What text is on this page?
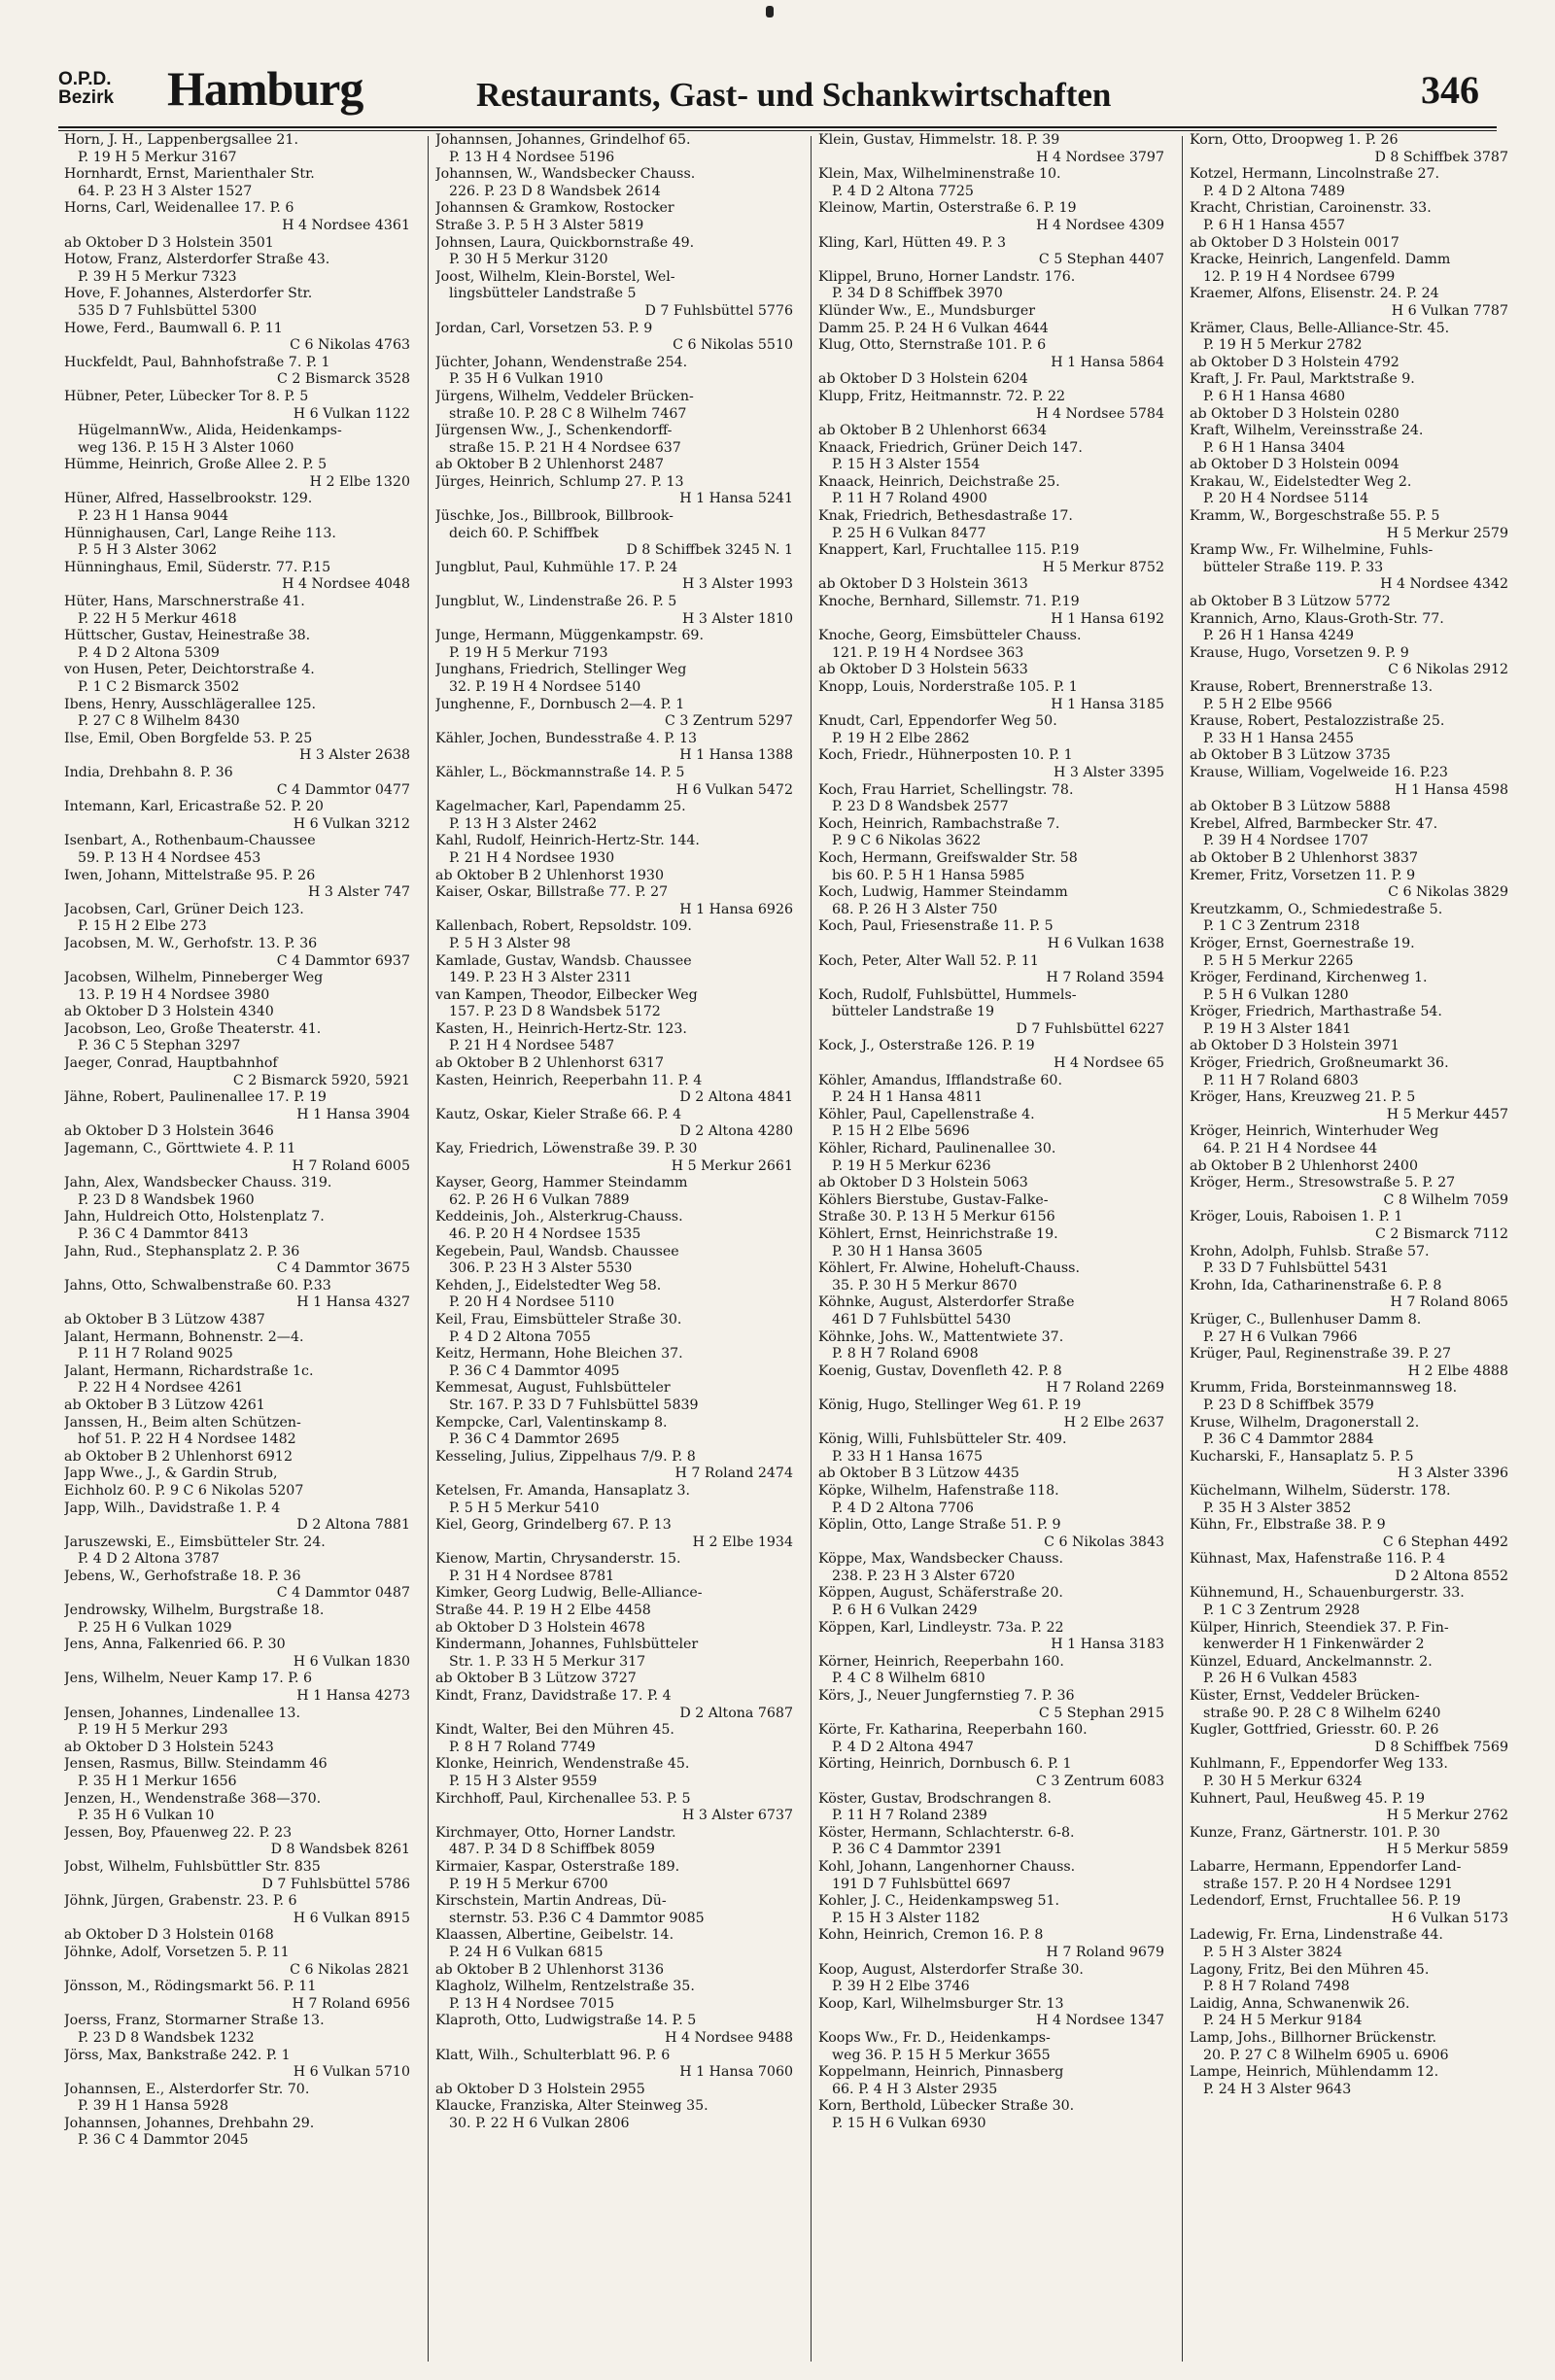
O.P.D.
Bezirk Hamburg	Restaurants, Gast- und Schankwirtschaften	346
Horn, J. H., Lappenbergsallee 21.
P. 19 H 5 Merkur 3167
Hornhardt, Ernst, Marienthaler Str.
64. P. 23 H 3 Alster 1527
Horns, Carl, Weidenallee 17. P. 6
H 4 Nordsee 4361
ab Oktober D 3 Holstein 3501
Hotow, Franz, Alsterdorfer Straße 43.
P. 39 H 5 Merkur 7323
Hove, F. Johannes, Alsterdorfer Str.
535 D 7 Fuhlsbüttel 5300
Howe, Ferd., Baumwall 6. P. 11
C 6 Nikolas 4763
Huckfeldt, Paul, Bahnhofstraße 7. P. 1
C 2 Bismarck 3528
Hübner, Peter, Lübecker Tor 8. P. 5
H 6 Vulkan 1122
HügelmannWw., Alida, Heidenkamps-
weg 136. P. 15 H 3 Alster 1060
Hümme, Heinrich, Große Allee 2. P. 5
H 2 Elbe 1320
Hüner, Alfred, Hasselbrookstr. 129.
P. 23 H 1 Hansa 9044
Hünnighausen, Carl, Lange Reihe 113.
P. 5 H 3 Alster 3062
Hünninghaus, Emil, Süderstr. 77. P.15
H 4 Nordsee 4048
Hüter, Hans, Marschnerstraße 41.
P. 22 H 5 Merkur 4618
Hüttscher, Gustav, Heinestraße 38.
P. 4 D 2 Altona 5309
von Husen, Peter, Deichtorstraße 4.
P. 1 C 2 Bismarck 3502
Ibens, Henry, Ausschlägerallee 125.
P. 27 C 8 Wilhelm 8430
Ilse, Emil, Oben Borgfelde 53. P. 25
H 3 Alster 2638
India, Drehbahn 8. P. 36
C 4 Dammtor 0477
Intemann, Karl, Ericastraße 52. P. 20
H 6 Vulkan 3212
Isenbart, A., Rothenbaum-Chaussee
59. P. 13 H 4 Nordsee 453
Iwen, Johann, Mittelstraße 95. P. 26
H 3 Alster 747
Jacobsen, Carl, Grüner Deich 123.
P. 15 H 2 Elbe 273
Jacobsen, M. W., Gerhofstr. 13. P. 36
C 4 Dammtor 6937
Jacobsen, Wilhelm, Pinneberger Weg
13. P. 19 H 4 Nordsee 3980
ab Oktober D 3 Holstein 4340
Jacobson, Leo, Große Theaterstr. 41.
P. 36 C 5 Stephan 3297
Jaeger, Conrad, Hauptbahnhof
C 2 Bismarck 5920, 5921
Jähne, Robert, Paulinenallee 17. P. 19
H 1 Hansa 3904
ab Oktober D 3 Holstein 3646
Jagemann, C., Görttwiete 4. P. 11
H 7 Roland 6005
Jahn, Alex, Wandsbecker Chauss. 319.
P. 23 D 8 Wandsbek 1960
Jahn, Huldreich Otto, Holstenplatz 7.
P. 36 C 4 Dammtor 8413
Jahn, Rud., Stephansplatz 2. P. 36
C 4 Dammtor 3675
Jahns, Otto, Schwalbenstraße 60. P.33
H 1 Hansa 4327
ab Oktober B 3 Lützow 4387
Jalant, Hermann, Bohnenstr. 2—4.
P. 11 H 7 Roland 9025
Jalant, Hermann, Richardstraße 1c.
P. 22 H 4 Nordsee 4261
ab Oktober B 3 Lützow 4261
Janssen, H., Beim alten Schützen-
hof 51. P. 22 H 4 Nordsee 1482
ab Oktober B 2 Uhlenhorst 6912
Japp Wwe., J., & Gardin Strub,
Eichholz 60. P. 9 C 6 Nikolas 5207
Japp, Wilh., Davidstraße 1. P. 4
D 2 Altona 7881
Jaruszewski, E., Eimsbütteler Str. 24.
P. 4 D 2 Altona 3787
Jebens, W., Gerhofstraße 18. P. 36
C 4 Dammtor 0487
Jendrowsky, Wilhelm, Burgstraße 18.
P. 25 H 6 Vulkan 1029
Jens, Anna, Falkenried 66. P. 30
H 6 Vulkan 1830
Jens, Wilhelm, Neuer Kamp 17. P. 6
H 1 Hansa 4273
Jensen, Johannes, Lindenallee 13.
P. 19 H 5 Merkur 293
ab Oktober D 3 Holstein 5243
Jensen, Rasmus, Billw. Steindamm 46
P. 35 H 1 Merkur 1656
Jenzen, H., Wendenstraße 368—370.
P. 35 H 6 Vulkan 10
Jessen, Boy, Pfauenweg 22. P. 23
D 8 Wandsbek 8261
Jobst, Wilhelm, Fuhlsbüttler Str. 835
D 7 Fuhlsbüttel 5786
Jöhnk, Jürgen, Grabenstr. 23. P. 6
H 6 Vulkan 8915
ab Oktober D 3 Holstein 0168
Jöhnke, Adolf, Vorsetzen 5. P. 11
C 6 Nikolas 2821
Jönsson, M., Rödingsmarkt 56. P. 11
H 7 Roland 6956
Joerss, Franz, Stormarner Straße 13.
P. 23 D 8 Wandsbek 1232
Jörss, Max, Bankstraße 242. P. 1
H 6 Vulkan 5710
Johannsen, E., Alsterdorfer Str. 70.
P. 39 H 1 Hansa 5928
Johannsen, Johannes, Drehbahn 29.
P. 36 C 4 Dammtor 2045
Johannsen, Johannes, Grindelhof 65.
P. 13 H 4 Nordsee 5196
Johannsen, W., Wandsbecker Chauss.
226. P. 23 D 8 Wandsbek 2614
Johannsen & Gramkow, Rostocker
Straße 3. P. 5 H 3 Alster 5819
Johnsen, Laura, Quickbornstraße 49.
P. 30 H 5 Merkur 3120
Joost, Wilhelm, Klein-Borstel, Wel-
lingsbütteler Landstraße 5
D 7 Fuhlsbüttel 5776
Jordan, Carl, Vorsetzen 53. P. 9
C 6 Nikolas 5510
Jüchter, Johann, Wendenstraße 254.
P. 35 H 6 Vulkan 1910
Jürgens, Wilhelm, Veddeler Brücken-
straße 10. P. 28 C 8 Wilhelm 7467
Jürgensen Ww., J., Schenkendorff-
straße 15. P. 21 H 4 Nordsee 637
ab Oktober B 2 Uhlenhorst 2487
Jürges, Heinrich, Schlump 27. P. 13
H 1 Hansa 5241
Jüschke, Jos., Billbrook, Billbrook-
deich 60. P. Schiffbek
D 8 Schiffbek 3245 N. 1
Jungblut, Paul, Kuhmühle 17. P. 24
H 3 Alster 1993
Jungblut, W., Lindenstraße 26. P. 5
H 3 Alster 1810
Junge, Hermann, Müggenkampstr. 69.
P. 19 H 5 Merkur 7193
Junghans, Friedrich, Stellinger Weg
32. P. 19 H 4 Nordsee 5140
Junghenne, F., Dornbusch 2—4. P. 1
C 3 Zentrum 5297
Kähler, Jochen, Bundesstraße 4. P. 13
H 1 Hansa 1388
Kähler, L., Böckmannstraße 14. P. 5
H 6 Vulkan 5472
Kagelmacher, Karl, Papendamm 25.
P. 13 H 3 Alster 2462
Kahl, Rudolf, Heinrich-Hertz-Str. 144.
P. 21 H 4 Nordsee 1930
ab Oktober B 2 Uhlenhorst 1930
Kaiser, Oskar, Billstraße 77. P. 27
H 1 Hansa 6926
Kallenbach, Robert, Repsoldstr. 109.
P. 5 H 3 Alster 98
Kamlade, Gustav, Wandsb. Chaussee
149. P. 23 H 3 Alster 2311
van Kampen, Theodor, Eilbecker Weg
157. P. 23 D 8 Wandsbek 5172
Kasten, H., Heinrich-Hertz-Str. 123.
P. 21 H 4 Nordsee 5487
ab Oktober B 2 Uhlenhorst 6317
Kasten, Heinrich, Reeperbahn 11. P. 4
D 2 Altona 4841
Kautz, Oskar, Kieler Straße 66. P. 4
D 2 Altona 4280
Kay, Friedrich, Löwenstraße 39. P. 30
H 5 Merkur 2661
Kayser, Georg, Hammer Steindamm
62. P. 26 H 6 Vulkan 7889
Keddeinis, Joh., Alsterkrug-Chauss.
46. P. 20 H 4 Nordsee 1535
Kegebein, Paul, Wandsb. Chaussee
306. P. 23 H 3 Alster 5530
Kehden, J., Eidelstedter Weg 58.
P. 20 H 4 Nordsee 5110
Keil, Frau, Eimsbütteler Straße 30.
P. 4 D 2 Altona 7055
Keitz, Hermann, Hohe Bleichen 37.
P. 36 C 4 Dammtor 4095
Kemmesat, August, Fuhlsbütteler
Str. 167. P. 33 D 7 Fuhlsbüttel 5839
Kempcke, Carl, Valentinskamp 8.
P. 36 C 4 Dammtor 2695
Kesseling, Julius, Zippelhaus 7/9. P. 8
H 7 Roland 2474
Ketelsen, Fr. Amanda, Hansaplatz 3.
P. 5 H 5 Merkur 5410
Kiel, Georg, Grindelberg 67. P. 13
H 2 Elbe 1934
Kienow, Martin, Chrysanderstr. 15.
P. 31 H 4 Nordsee 8781
Kimker, Georg Ludwig, Belle-Alliance-
Straße 44. P. 19 H 2 Elbe 4458
ab Oktober D 3 Holstein 4678
Kindermann, Johannes, Fuhlsbütteler
Str. 1. P. 33 H 5 Merkur 317
ab Oktober B 3 Lützow 3727
Kindt, Franz, Davidstraße 17. P. 4
D 2 Altona 7687
Kindt, Walter, Bei den Mühren 45.
P. 8 H 7 Roland 7749
Klonke, Heinrich, Wendenstraße 45.
P. 15 H 3 Alster 9559
Kirchhoff, Paul, Kirchenallee 53. P. 5
H 3 Alster 6737
Kirchmayer, Otto, Horner Landstr.
487. P. 34 D 8 Schiffbek 8059
Kirmaier, Kaspar, Osterstraße 189.
P. 19 H 5 Merkur 6700
Kirschstein, Martin Andreas, Dü-
sternstr. 53. P.36 C 4 Dammtor 9085
Klaassen, Albertine, Geibelstr. 14.
P. 24 H 6 Vulkan 6815
ab Oktober B 2 Uhlenhorst 3136
Klagholz, Wilhelm, Rentzelstraße 35.
P. 13 H 4 Nordsee 7015
Klaproth, Otto, Ludwigstraße 14. P. 5
H 4 Nordsee 9488
Klatt, Wilh., Schulterblatt 96. P. 6
H 1 Hansa 7060
ab Oktober D 3 Holstein 2955
Klaucke, Franziska, Alter Steinweg 35.
30. P. 22 H 6 Vulkan 2806
Klein, Gustav, Himmelstr. 18. P. 39
H 4 Nordsee 3797
Klein, Max, Wilhelminenstraße 10.
P. 4 D 2 Altona 7725
Kleinow, Martin, Osterstraße 6. P. 19
H 4 Nordsee 4309
Kling, Karl, Hütten 49. P. 3
C 5 Stephan 4407
Klippel, Bruno, Horner Landstr. 176.
P. 34 D 8 Schiffbek 3970
Klünder Ww., E., Mundsburger
Damm 25. P. 24 H 6 Vulkan 4644
Klug, Otto, Sternstraße 101. P. 6
H 1 Hansa 5864
ab Oktober D 3 Holstein 6204
Klupp, Fritz, Heitmannstr. 72. P. 22
H 4 Nordsee 5784
ab Oktober B 2 Uhlenhorst 6634
Knaack, Friedrich, Grüner Deich 147.
P. 15 H 3 Alster 1554
Knaack, Heinrich, Deichstraße 25.
P. 11 H 7 Roland 4900
Knak, Friedrich, Bethesdastraße 17.
P. 25 H 6 Vulkan 8477
Knappert, Karl, Fruchtallee 115. P.19
H 5 Merkur 8752
ab Oktober D 3 Holstein 3613
Knoche, Bernhard, Sillemstr. 71. P.19
H 1 Hansa 6192
Knoche, Georg, Eimsbütteler Chauss.
121. P. 19 H 4 Nordsee 363
ab Oktober D 3 Holstein 5633
Knopp, Louis, Norderstraße 105. P. 1
H 1 Hansa 3185
Knudt, Carl, Eppendorfer Weg 50.
P. 19 H 2 Elbe 2862
Koch, Friedr., Hühnerposten 10. P. 1
H 3 Alster 3395
Koch, Frau Harriet, Schellingstr. 78.
P. 23 D 8 Wandsbek 2577
Koch, Heinrich, Rambachstraße 7.
P. 9 C 6 Nikolas 3622
Koch, Hermann, Greifswalder Str. 58
bis 60. P. 5 H 1 Hansa 5985
Koch, Ludwig, Hammer Steindamm
68. P. 26 H 3 Alster 750
Koch, Paul, Friesenstraße 11. P. 5
H 6 Vulkan 1638
Koch, Peter, Alter Wall 52. P. 11
H 7 Roland 3594
Koch, Rudolf, Fuhlsbüttel, Hummels-
bütteler Landstraße 19
D 7 Fuhlsbüttel 6227
Kock, J., Osterstraße 126. P. 19
H 4 Nordsee 65
Köhler, Amandus, Ifflandstraße 60.
P. 24 H 1 Hansa 4811
Köhler, Paul, Capellenstraße 4.
P. 15 H 2 Elbe 5696
Köhler, Richard, Paulinenallee 30.
P. 19 H 5 Merkur 6236
ab Oktober D 3 Holstein 5063
Köhlers Bierstube, Gustav-Falke-
Straße 30. P. 13 H 5 Merkur 6156
Köhlert, Ernst, Heinrichstraße 19.
P. 30 H 1 Hansa 3605
Köhlert, Fr. Alwine, Hoheluft-Chauss.
35. P. 30 H 5 Merkur 8670
Köhnke, August, Alsterdorfer Straße
461 D 7 Fuhlsbüttel 5430
Köhnke, Johs. W., Mattentwiete 37.
P. 8 H 7 Roland 6908
Koenig, Gustav, Dovenfleth 42. P. 8
H 7 Roland 2269
König, Hugo, Stellinger Weg 61. P. 19
H 2 Elbe 2637
König, Willi, Fuhlsbütteler Str. 409.
P. 33 H 1 Hansa 1675
ab Oktober B 3 Lützow 4435
Köpke, Wilhelm, Hafenstraße 118.
P. 4 D 2 Altona 7706
Köplin, Otto, Lange Straße 51. P. 9
C 6 Nikolas 3843
Köppe, Max, Wandsbecker Chauss.
238. P. 23 H 3 Alster 6720
Köppen, August, Schäferstraße 20.
P. 6 H 6 Vulkan 2429
Köppen, Karl, Lindleystr. 73a. P. 22
H 1 Hansa 3183
Körner, Heinrich, Reeperbahn 160.
P. 4 C 8 Wilhelm 6810
Körs, J., Neuer Jungfernstieg 7. P. 36
C 5 Stephan 2915
Körte, Fr. Katharina, Reeperbahn 160.
P. 4 D 2 Altona 4947
Körting, Heinrich, Dornbusch 6. P. 1
C 3 Zentrum 6083
Köster, Gustav, Brodschrangen 8.
P. 11 H 7 Roland 2389
Köster, Hermann, Schlachterstr. 6-8.
P. 36 C 4 Dammtor 2391
Kohl, Johann, Langenhorner Chauss.
191 D 7 Fuhlsbüttel 6697
Kohler, J. C., Heidenkampsweg 51.
P. 15 H 3 Alster 1182
Kohn, Heinrich, Cremon 16. P. 8
H 7 Roland 9679
Koop, August, Alsterdorfer Straße 30.
P. 39 H 2 Elbe 3746
Koop, Karl, Wilhelmsburger Str. 13
H 4 Nordsee 1347
Koops Ww., Fr. D., Heidenkamps-
weg 36. P. 15 H 5 Merkur 3655
Koppelmann, Heinrich, Pinnasberg
66. P. 4 H 3 Alster 2935
Korn, Berthold, Lübecker Straße 30.
P. 15 H 6 Vulkan 6930
Korn, Otto, Droopweg 1. P. 26
D 8 Schiffbek 3787
Kotzel, Hermann, Lincolnstraße 27.
P. 4 D 2 Altona 7489
Kracht, Christian, Caroinenstr. 33.
P. 6 H 1 Hansa 4557
ab Oktober D 3 Holstein 0017
Kracke, Heinrich, Langenfeld. Damm
12. P. 19 H 4 Nordsee 6799
Kraemer, Alfons, Elisenstr. 24. P. 24
H 6 Vulkan 7787
Krämer, Claus, Belle-Alliance-Str. 45.
P. 19 H 5 Merkur 2782
ab Oktober D 3 Holstein 4792
Kraft, J. Fr. Paul, Marktstraße 9.
P. 6 H 1 Hansa 4680
ab Oktober D 3 Holstein 0280
Kraft, Wilhelm, Vereinsstraße 24.
P. 6 H 1 Hansa 3404
ab Oktober D 3 Holstein 0094
Krakau, W., Eidelstedter Weg 2.
P. 20 H 4 Nordsee 5114
Kramm, W., Borgeschstraße 55. P. 5
H 5 Merkur 2579
Kramp Ww., Fr. Wilhelmine, Fuhls-
bütteler Straße 119. P. 33
H 4 Nordsee 4342
ab Oktober B 3 Lützow 5772
Krannich, Arno, Klaus-Groth-Str. 77.
P. 26 H 1 Hansa 4249
Krause, Hugo, Vorsetzen 9. P. 9
C 6 Nikolas 2912
Krause, Robert, Brennerstraße 13.
P. 5 H 2 Elbe 9566
Krause, Robert, Pestalozzistraße 25.
P. 33 H 1 Hansa 2455
ab Oktober B 3 Lützow 3735
Krause, William, Vogelweide 16. P.23
H 1 Hansa 4598
ab Oktober B 3 Lützow 5888
Krebel, Alfred, Barmbecker Str. 47.
P. 39 H 4 Nordsee 1707
ab Oktober B 2 Uhlenhorst 3837
Kremer, Fritz, Vorsetzen 11. P. 9
C 6 Nikolas 3829
Kreutzkamm, O., Schmiedestraße 5.
P. 1 C 3 Zentrum 2318
Kröger, Ernst, Goernestraße 19.
P. 5 H 5 Merkur 2265
Kröger, Ferdinand, Kirchenweg 1.
P. 5 H 6 Vulkan 1280
Kröger, Friedrich, Marthastraße 54.
P. 19 H 3 Alster 1841
ab Oktober D 3 Holstein 3971
Kröger, Friedrich, Großneumarkt 36.
P. 11 H 7 Roland 6803
Kröger, Hans, Kreuzweg 21. P. 5
H 5 Merkur 4457
Kröger, Heinrich, Winterhuder Weg
64. P. 21 H 4 Nordsee 44
ab Oktober B 2 Uhlenhorst 2400
Kröger, Herm., Stresowstraße 5. P. 27
C 8 Wilhelm 7059
Kröger, Louis, Raboisen 1. P. 1
C 2 Bismarck 7112
Krohn, Adolph, Fuhlsb. Straße 57.
P. 33 D 7 Fuhlsbüttel 5431
Krohn, Ida, Catharinenstraße 6. P. 8
H 7 Roland 8065
Krüger, C., Bullenhuser Damm 8.
P. 27 H 6 Vulkan 7966
Krüger, Paul, Reginenstraße 39. P. 27
H 2 Elbe 4888
Krumm, Frida, Borsteinmannsweg 18.
P. 23 D 8 Schiffbek 3579
Kruse, Wilhelm, Dragonerstall 2.
P. 36 C 4 Dammtor 2884
Kucharski, F., Hansaplatz 5. P. 5
H 3 Alster 3396
Küchelmann, Wilhelm, Süderstr. 178.
P. 35 H 3 Alster 3852
Kühn, Fr., Elbstraße 38. P. 9
C 6 Stephan 4492
Kühnast, Max, Hafenstraße 116. P. 4
D 2 Altona 8552
Kühnemund, H., Schauenburgerstr. 33.
P. 1 C 3 Zentrum 2928
Külper, Hinrich, Steendiek 37. P. Fin-
kenwerder H 1 Finkenwärder 2
Künzel, Eduard, Anckelmannstr. 2.
P. 26 H 6 Vulkan 4583
Küster, Ernst, Veddeler Brücken-
straße 90. P. 28 C 8 Wilhelm 6240
Kugler, Gottfried, Griesstr. 60. P. 26
D 8 Schiffbek 7569
Kuhlmann, F., Eppendorfer Weg 133.
P. 30 H 5 Merkur 6324
Kuhnert, Paul, Heußweg 45. P. 19
H 5 Merkur 2762
Kunze, Franz, Gärtnerstr. 101. P. 30
H 5 Merkur 5859
Labarre, Hermann, Eppendorfer Land-
straße 157. P. 20 H 4 Nordsee 1291
Ledendorf, Ernst, Fruchtallee 56. P. 19
H 6 Vulkan 5173
Ladewig, Fr. Erna, Lindenstraße 44.
P. 5 H 3 Alster 3824
Lagony, Fritz, Bei den Mühren 45.
P. 8 H 7 Roland 7498
Laidig, Anna, Schwanenwik 26.
P. 24 H 5 Merkur 9184
Lamp, Johs., Billhorner Brückenstr.
20. P. 27 C 8 Wilhelm 6905 u. 6906
Lampe, Heinrich, Mühlendamm 12.
P. 24 H 3 Alster 9643
